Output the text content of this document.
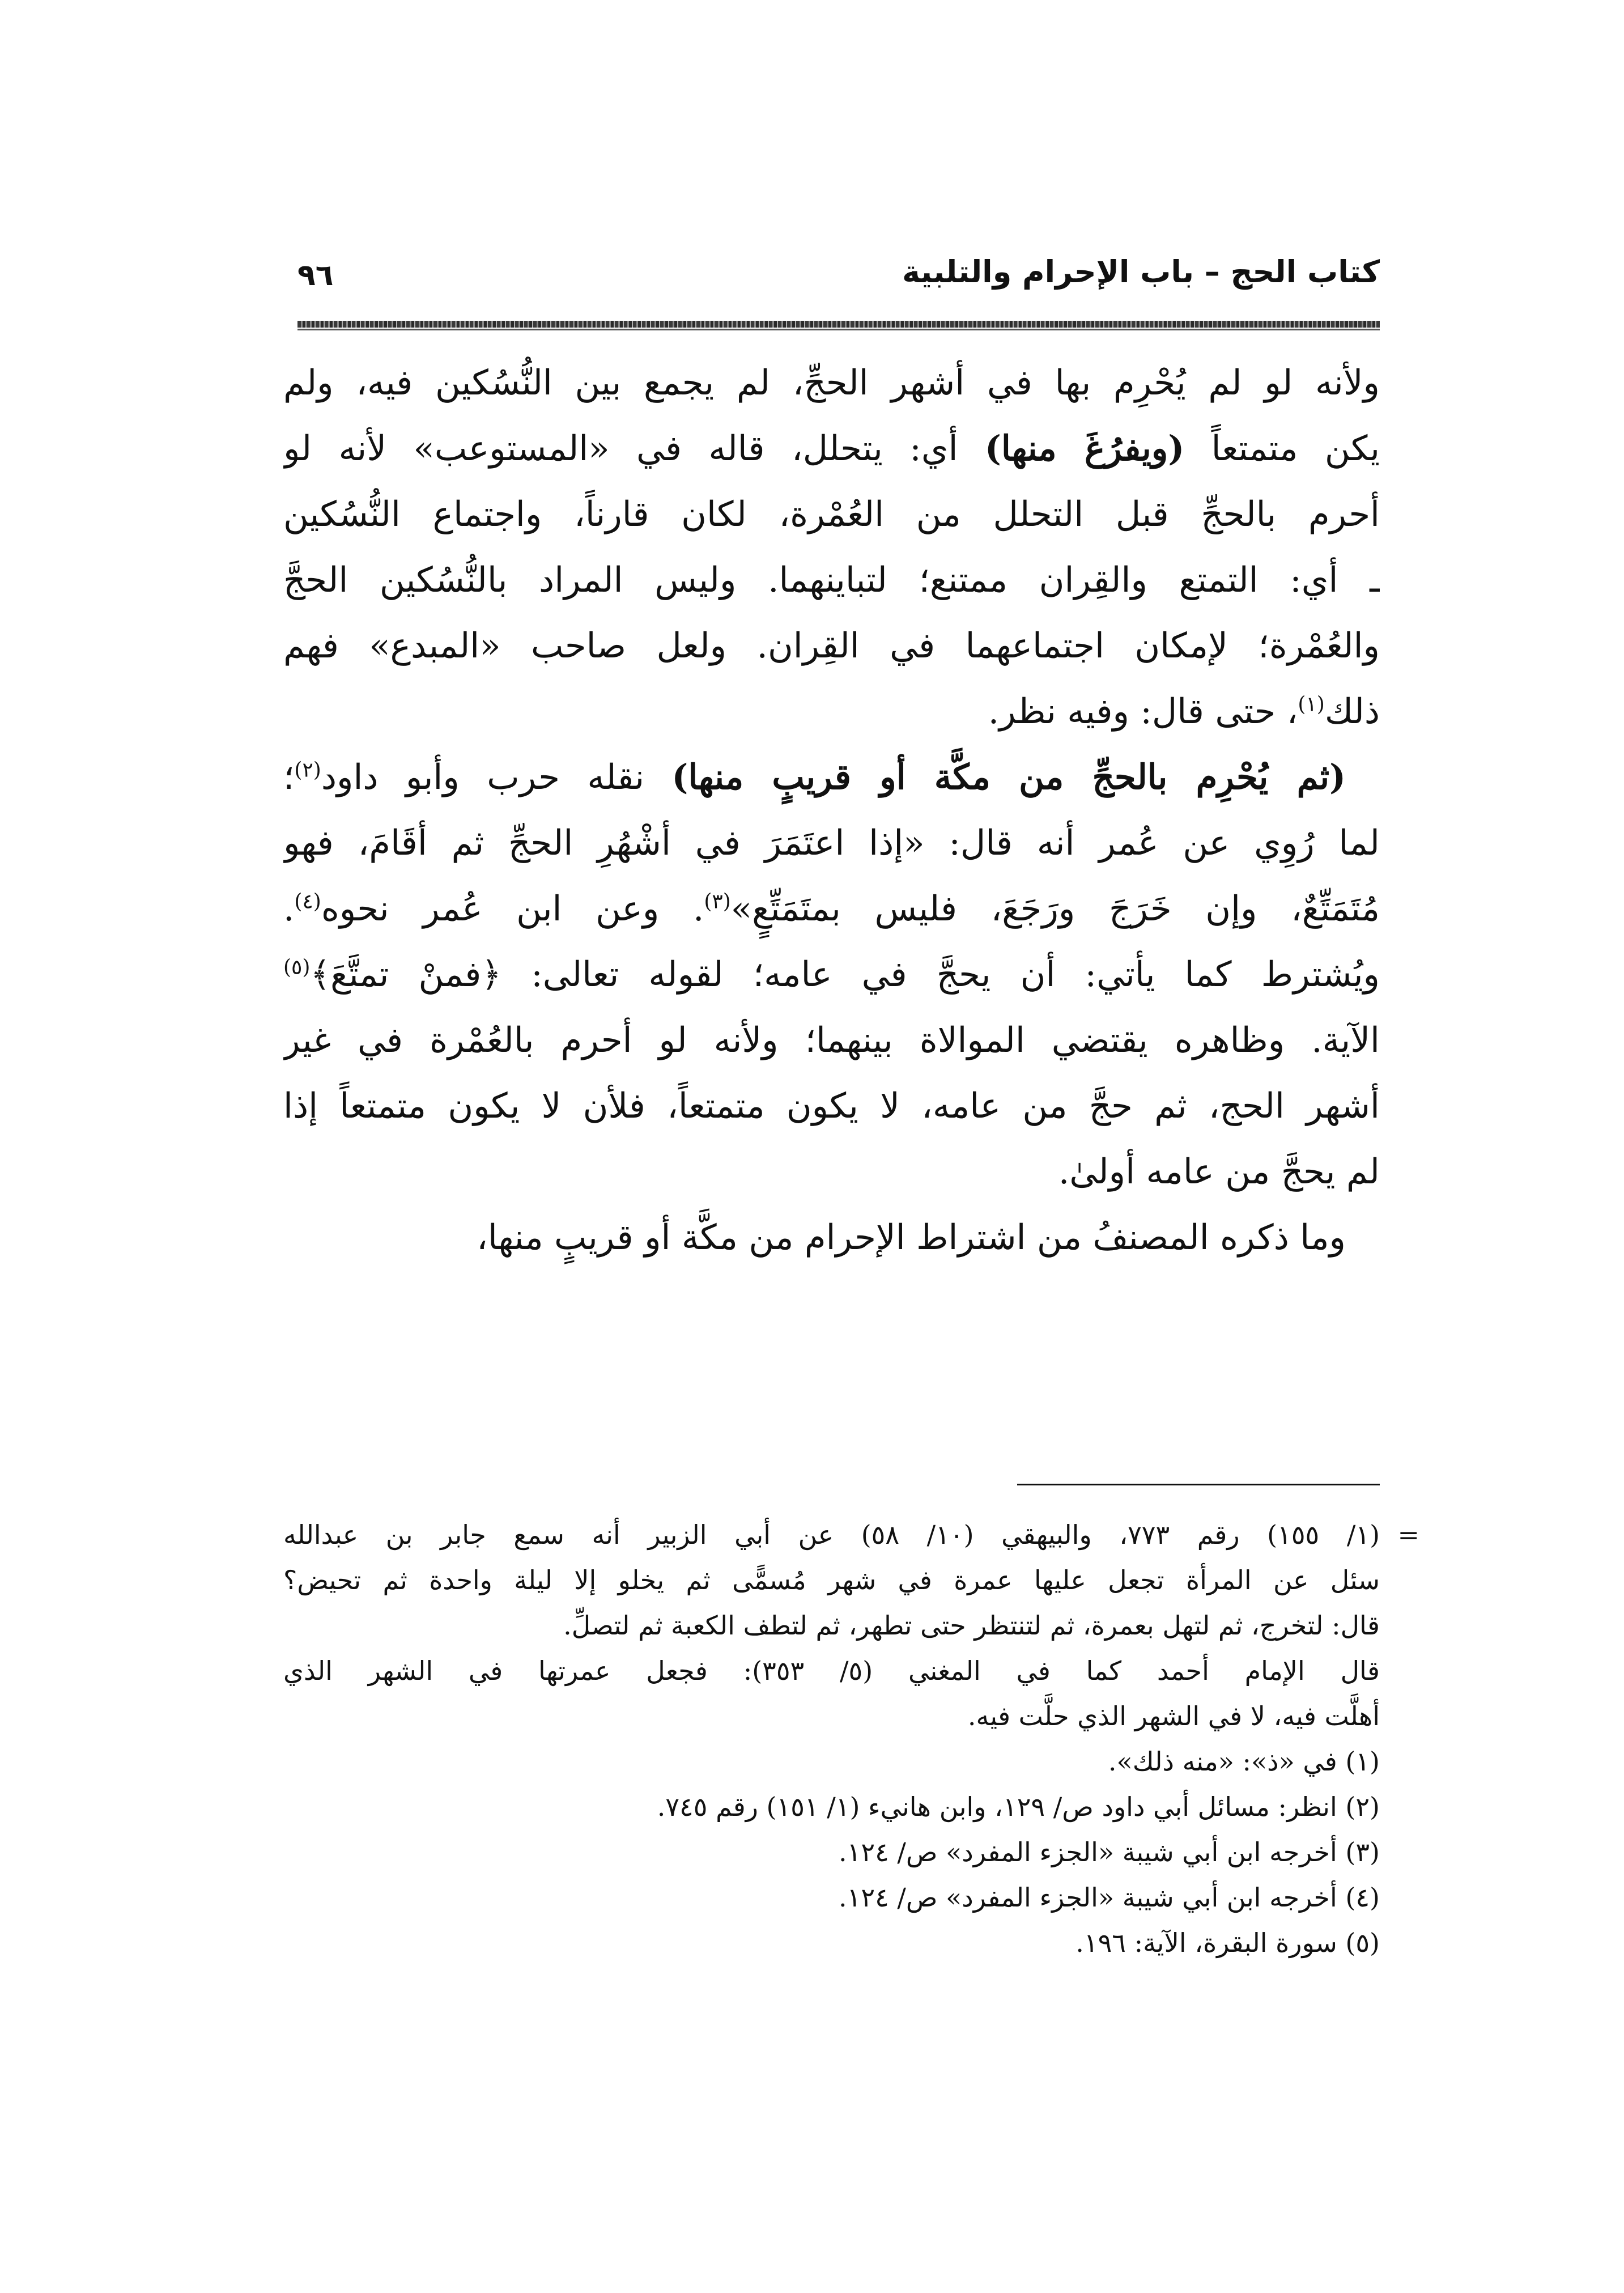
كتاب الحج – باب الإحرام والتلبية
٩٦
ولأنه لو لم يُحْرِم بها في أشهر الحجِّ، لم يجمع بين النُّسُكين فيه، ولم
يكن متمتعاً (ويفرُغَ منها) أي: يتحلل، قاله في «المستوعب» لأنه لو
أحرم بالحجِّ قبل التحلل من العُمْرة، لكان قارناً، واجتماع النُّسُكين
ـ أي: التمتع والقِران ممتنع؛ لتباينهما. وليس المراد بالنُّسُكين الحجَّ
والعُمْرة؛ لإمكان اجتماعهما في القِران. ولعل صاحب «المبدع» فهم
ذلك$^{(١)}$، حتى قال: وفيه نظر.
(ثم يُحْرِم بالحجِّ من مكَّة أو قريبٍ منها) نقله حرب وأبو داود$^{(٢)}$؛
لما رُوِي عن عُمر أنه قال: «إذا اعتَمَرَ في أشْهُرِ الحجِّ ثم أقَامَ، فهو
مُتَمَتِّعٌ، وإن خَرَجَ ورَجَعَ، فليس بمتَمَتِّعٍ»$^{(٣)}$. وعن ابن عُمر نحوه$^{(٤)}$.
ويُشترط كما يأتي: أن يحجَّ في عامه؛ لقوله تعالى: ﴿فمنْ تمتَّعَ﴾$^{(٥)}$
الآية. وظاهره يقتضي الموالاة بينهما؛ ولأنه لو أحرم بالعُمْرة في غير
أشهر الحج، ثم حجَّ من عامه، لا يكون متمتعاً، فلأن لا يكون متمتعاً إذا
لم يحجَّ من عامه أولىٰ.
وما ذكره المصنفُ من اشتراط الإحرام من مكَّة أو قريبٍ منها،
=
(١/ ١٥٥) رقم ٧٧٣، والبيهقي (١٠/ ٥٨) عن أبي الزبير أنه سمع جابر بن عبدالله
سئل عن المرأة تجعل عليها عمرة في شهر مُسمًّى ثم يخلو إلا ليلة واحدة ثم تحيض؟
قال: لتخرج، ثم لتهل بعمرة، ثم لتنتظر حتى تطهر، ثم لتطف الكعبة ثم لتصلِّ.
قال الإمام أحمد كما في المغني (٥/ ٣٥٣): فجعل عمرتها في الشهر الذي
أهلَّت فيه، لا في الشهر الذي حلَّت فيه.
(١) في «ذ»: «منه ذلك».
(٢) انظر: مسائل أبي داود ص/ ١٢٩، وابن هانيء (١/ ١٥١) رقم ٧٤٥.
(٣) أخرجه ابن أبي شيبة «الجزء المفرد» ص/ ١٢٤.
(٤) أخرجه ابن أبي شيبة «الجزء المفرد» ص/ ١٢٤.
(٥) سورة البقرة، الآية: ١٩٦.
